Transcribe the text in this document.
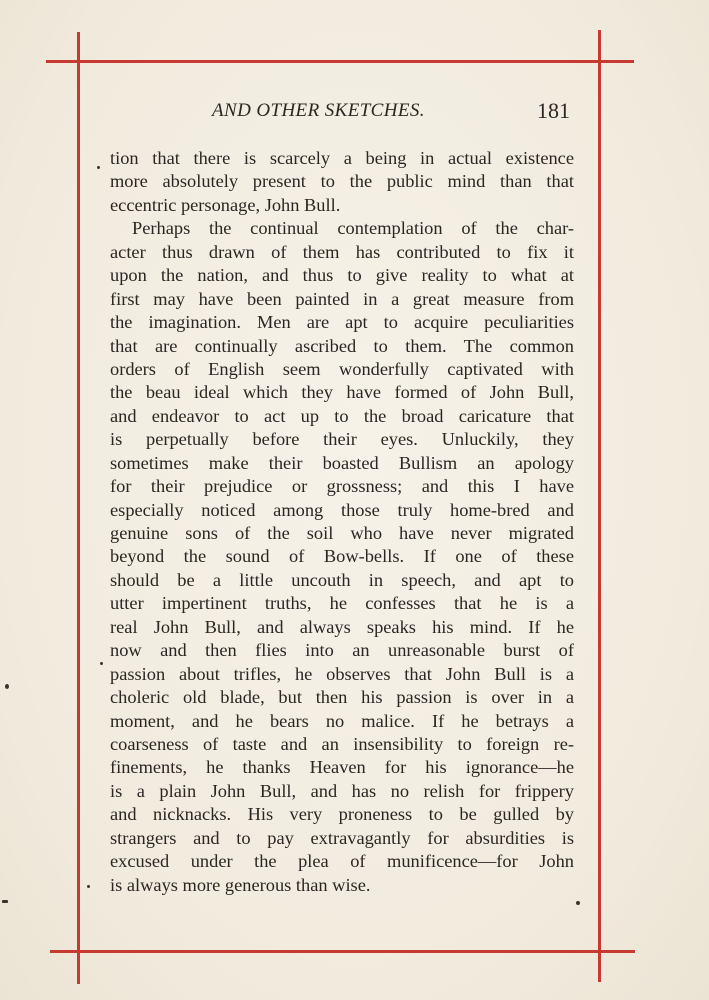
AND OTHER SKETCHES.	181
tion that there is scarcely a being in actual existence
more absolutely present to the public mind than that
eccentric personage, John Bull.
Perhaps the continual contemplation of the char-
acter thus drawn of them has contributed to fix it
upon the nation, and thus to give reality to what at
first may have been painted in a great measure from
the imagination. Men are apt to acquire peculiarities
that are continually ascribed to them. The common
orders of English seem wonderfully captivated with
the beau ideal which they have formed of John Bull,
and endeavor to act up to the broad caricature that
is perpetually before their eyes. Unluckily, they
sometimes make their boasted Bullism an apology
for their prejudice or grossness; and this I have
especially noticed among those truly home-bred and
genuine sons of the soil who have never migrated
beyond the sound of Bow-bells. If one of these
should be a little uncouth in speech, and apt to
utter impertinent truths, he confesses that he is a
real John Bull, and always speaks his mind. If he
now and then flies into an unreasonable burst of
passion about trifles, he observes that John Bull is a
choleric old blade, but then his passion is over in a
moment, and he bears no malice. If he betrays a
coarseness of taste and an insensibility to foreign re-
finements, he thanks Heaven for his ignorance—he
is a plain John Bull, and has no relish for frippery
and nicknacks. His very proneness to be gulled by
strangers and to pay extravagantly for absurdities is
excused under the plea of munificence—for John
is always more generous than wise.
